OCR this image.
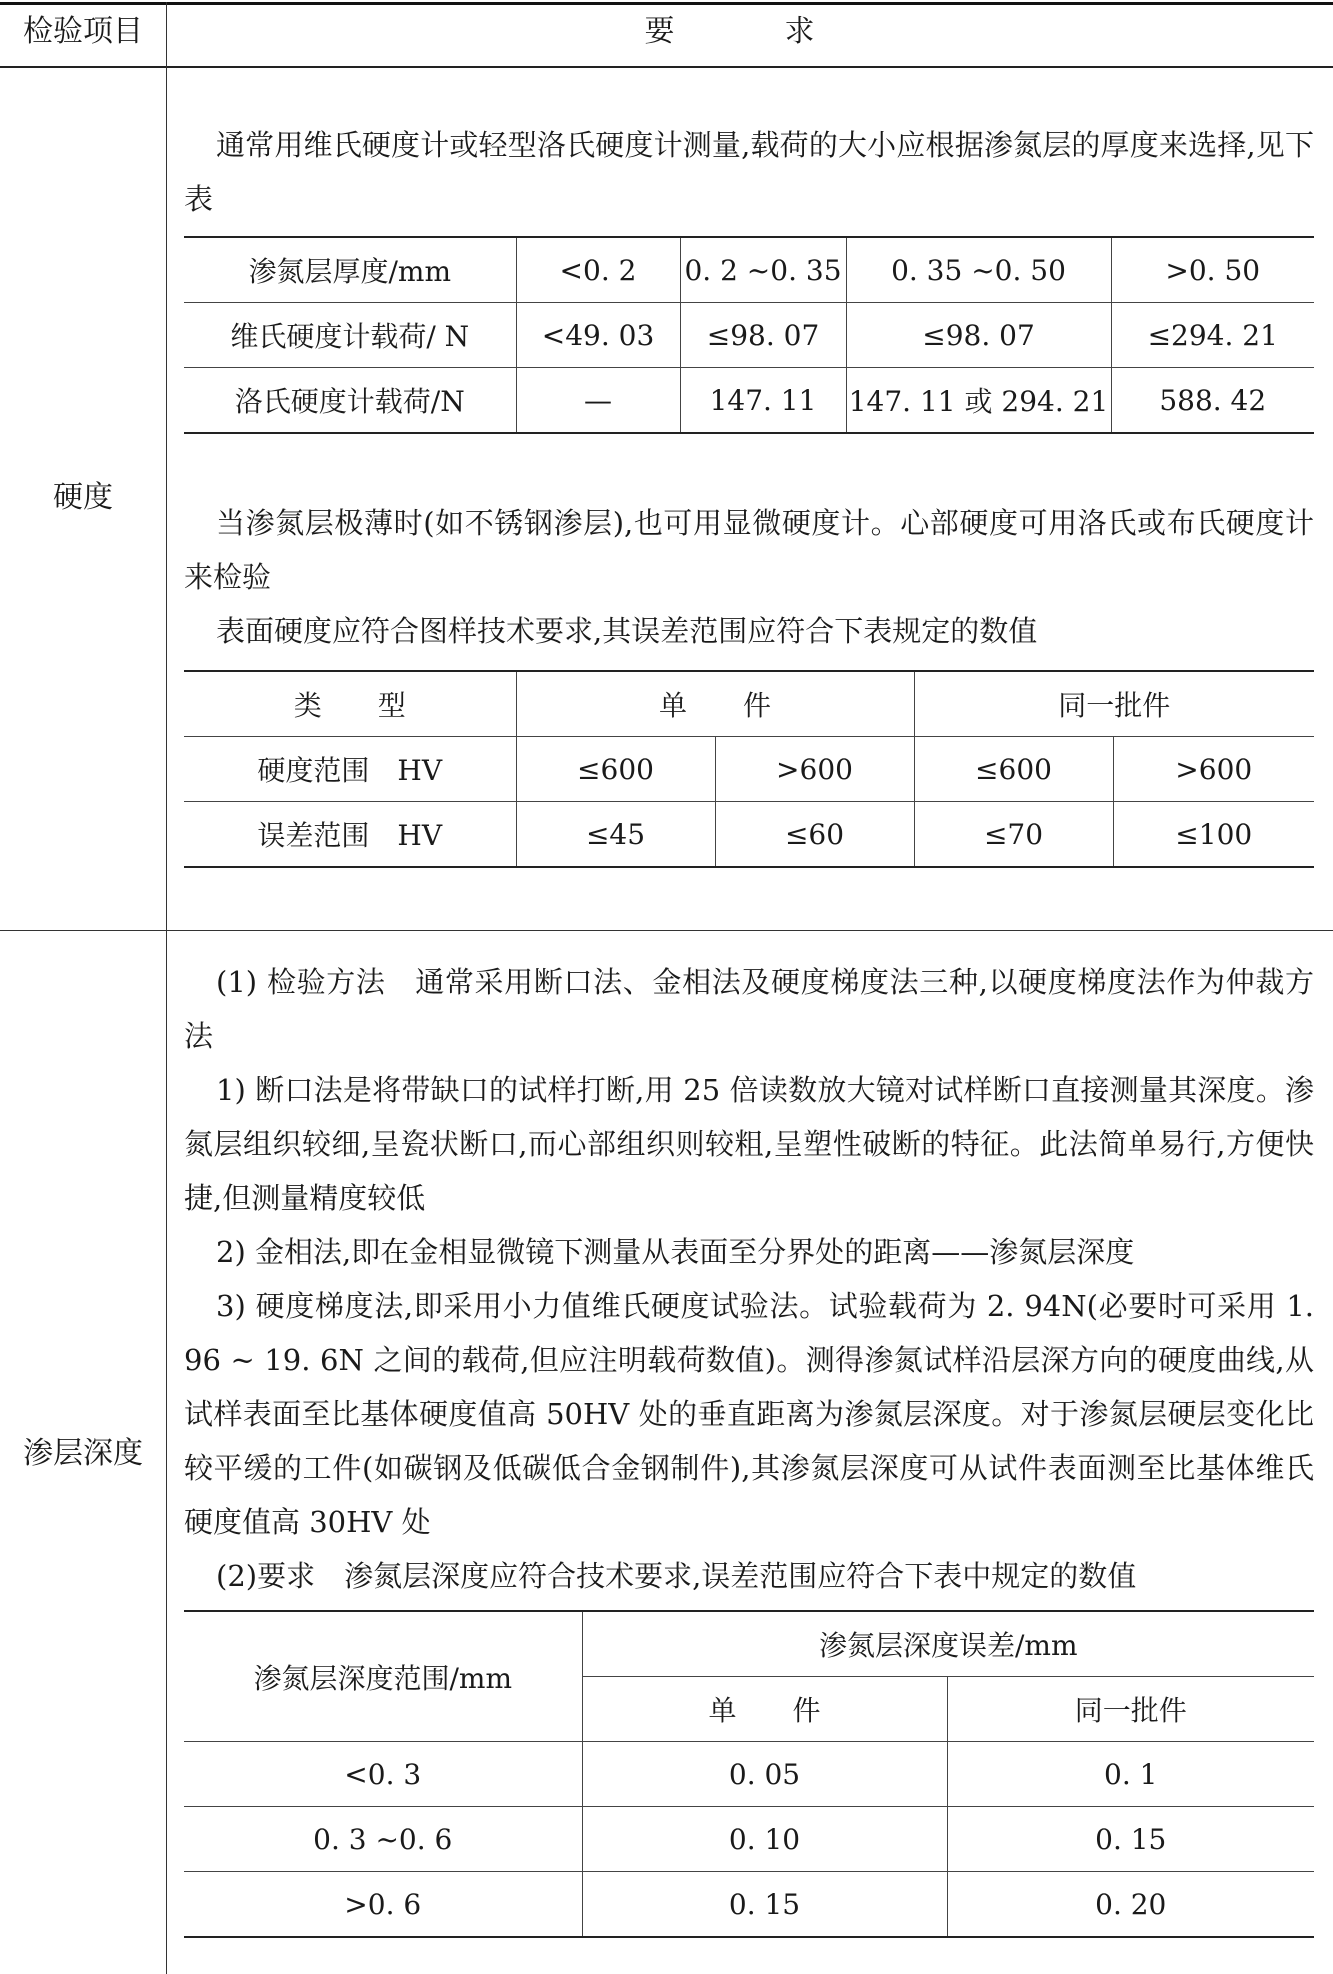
检验项目	要　求
硬度

通常用维氏硬度计或轻型洛氏硬度计测量,载荷的大小应根据渗氮层的厚度来选择,见下表

渗氮层厚度/mm	<0. 2	0. 2 ~0. 35	0. 35 ~0. 50	>0. 50
维氏硬度计载荷/ N	<49. 03	≤98. 07	≤98. 07	≤294. 21
洛氏硬度计载荷/N	—	147. 11	147. 11 或 294. 21	588. 42

当渗氮层极薄时(如不锈钢渗层),也可用显微硬度计。心部硬度可用洛氏或布氏硬度计来检验

表面硬度应符合图样技术要求,其误差范围应符合下表规定的数值

类　　型	单　　件		同一批件	
硬度范围　HV	≤600	>600	≤600	>600
误差范围　HV	≤45	≤60	≤70	≤100
渗层深度

(1) 检验方法　通常采用断口法、金相法及硬度梯度法三种,以硬度梯度法作为仲裁方法

1) 断口法是将带缺口的试样打断,用 25 倍读数放大镜对试样断口直接测量其深度。渗氮层组织较细,呈瓷状断口,而心部组织则较粗,呈塑性破断的特征。此法简单易行,方便快捷,但测量精度较低

2) 金相法,即在金相显微镜下测量从表面至分界处的距离——渗氮层深度

3) 硬度梯度法,即采用小力值维氏硬度试验法。试验载荷为 2. 94N(必要时可采用 1. 96 ~ 19. 6N 之间的载荷,但应注明载荷数值)。测得渗氮试样沿层深方向的硬度曲线,从试样表面至比基体硬度值高 50HV 处的垂直距离为渗氮层深度。对于渗氮层硬层变化比较平缓的工件(如碳钢及低碳低合金钢制件),其渗氮层深度可从试件表面测至比基体维氏硬度值高 30HV 处

(2)要求　渗氮层深度应符合技术要求,误差范围应符合下表中规定的数值

渗氮层深度范围/mm	渗氮层深度误差/mm	
	单　　件	同一批件
<0. 3	0. 05	0. 1
0. 3 ~0. 6	0. 10	0. 15
>0. 6	0. 15	0. 20
